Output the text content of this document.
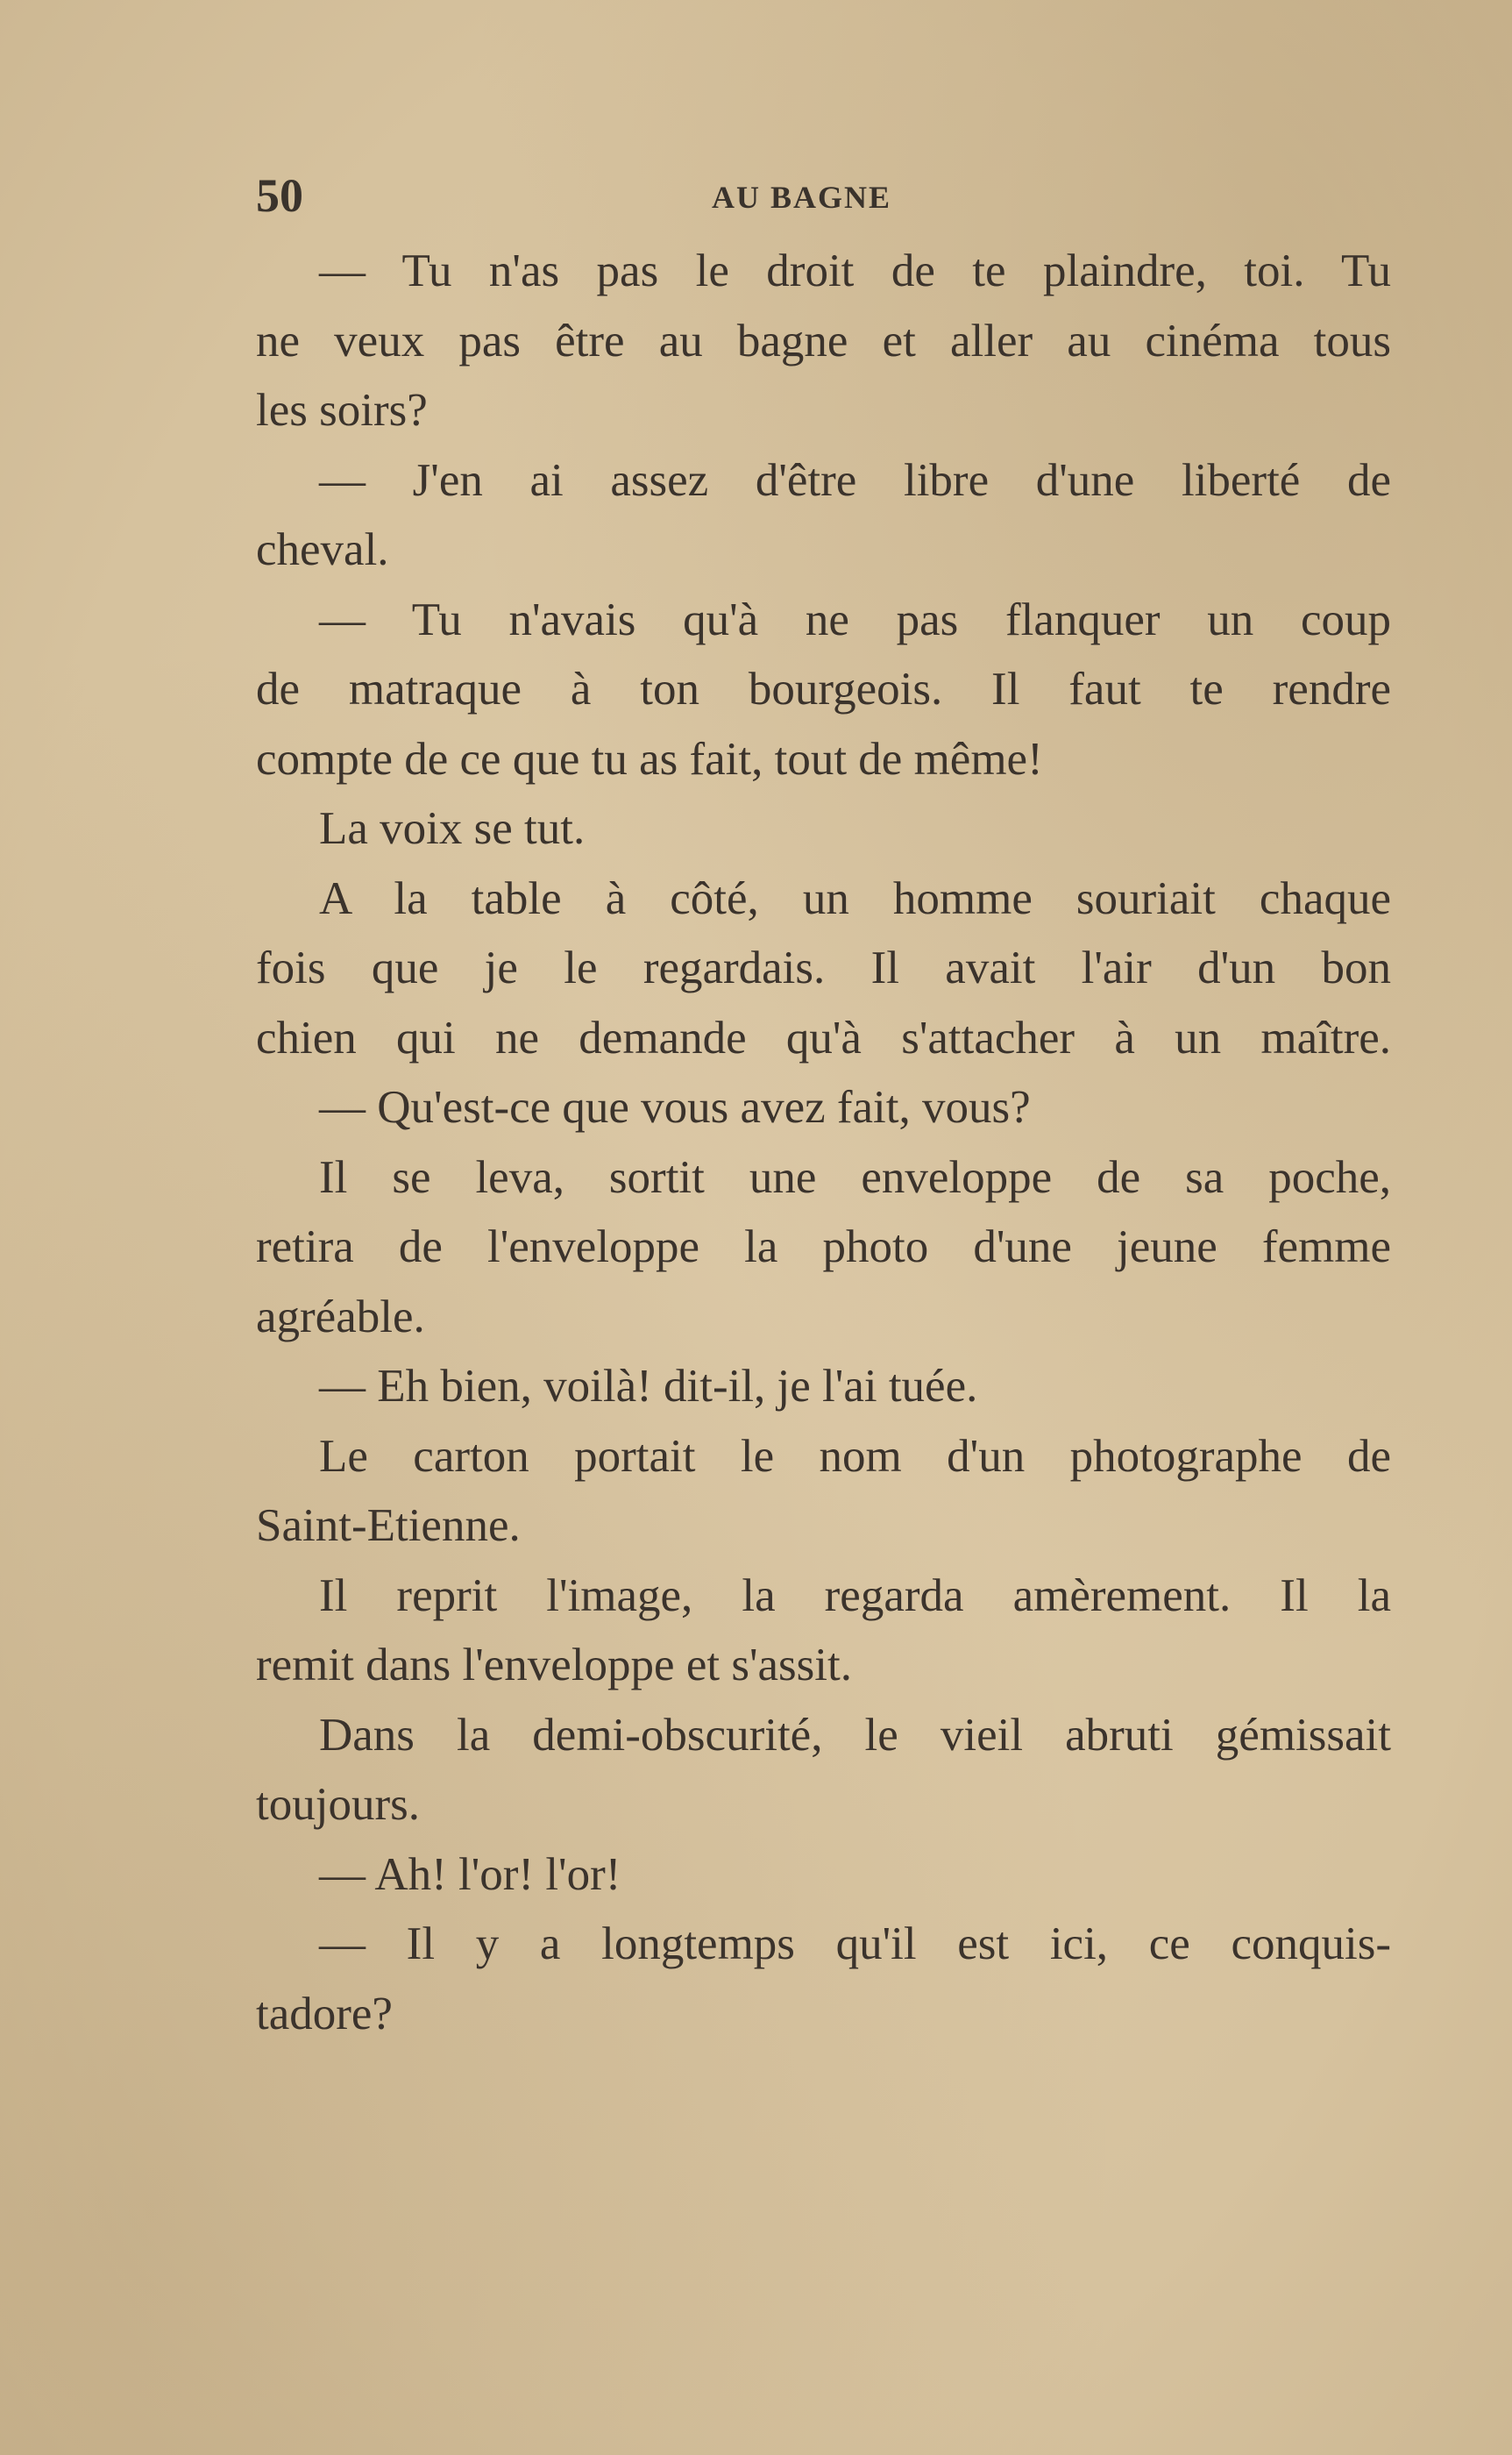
50	AU BAGNE
— Tu n'as pas le droit de te plaindre, toi. Tu
ne veux pas être au bagne et aller au cinéma tous
les soirs?
— J'en ai assez d'être libre d'une liberté de
cheval.
— Tu n'avais qu'à ne pas flanquer un coup
de matraque à ton bourgeois. Il faut te rendre
compte de ce que tu as fait, tout de même!
La voix se tut.
A la table à côté, un homme souriait chaque
fois que je le regardais. Il avait l'air d'un bon
chien qui ne demande qu'à s'attacher à un maître.
— Qu'est-ce que vous avez fait, vous?
Il se leva, sortit une enveloppe de sa poche,
retira de l'enveloppe la photo d'une jeune femme
agréable.
— Eh bien, voilà! dit-il, je l'ai tuée.
Le carton portait le nom d'un photographe de
Saint-Etienne.
Il reprit l'image, la regarda amèrement. Il la
remit dans l'enveloppe et s'assit.
Dans la demi-obscurité, le vieil abruti gémissait
toujours.
— Ah! l'or! l'or!
— Il y a longtemps qu'il est ici, ce conquis-
tadore?
